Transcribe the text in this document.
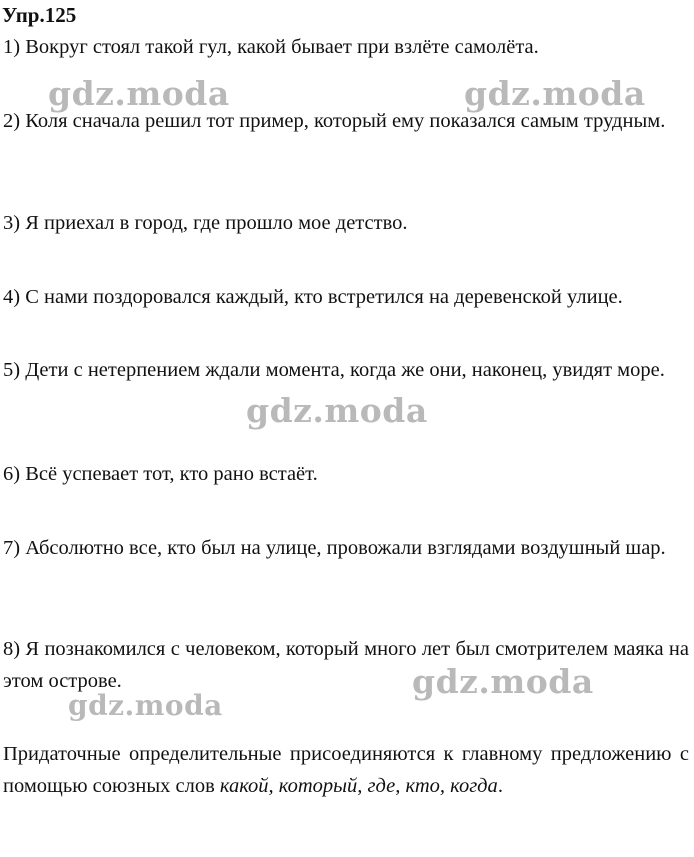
Упр.125
1) Вокруг стоял такой гул, какой бывает при взлёте самолёта.
2) Коля сначала решил тот пример, который ему показался самым трудным.
3) Я приехал в город, где прошло мое детство.
4) С нами поздоровался каждый, кто встретился на деревенской улице.
5) Дети с нетерпением ждали момента, когда же они, наконец, увидят море.
6) Всё успевает тот, кто рано встаёт.
7) Абсолютно все, кто был на улице, провожали взглядами воздушный шар.
8) Я познакомился с человеком, который много лет был смотрителем маяка на этом острове.
Придаточные определительные присоединяются к главному предложению с помощью союзных слов какой, который, где, кто, когда.
gdz.moda	gdz.moda
gdz.moda
gdz.moda
gdz.moda
